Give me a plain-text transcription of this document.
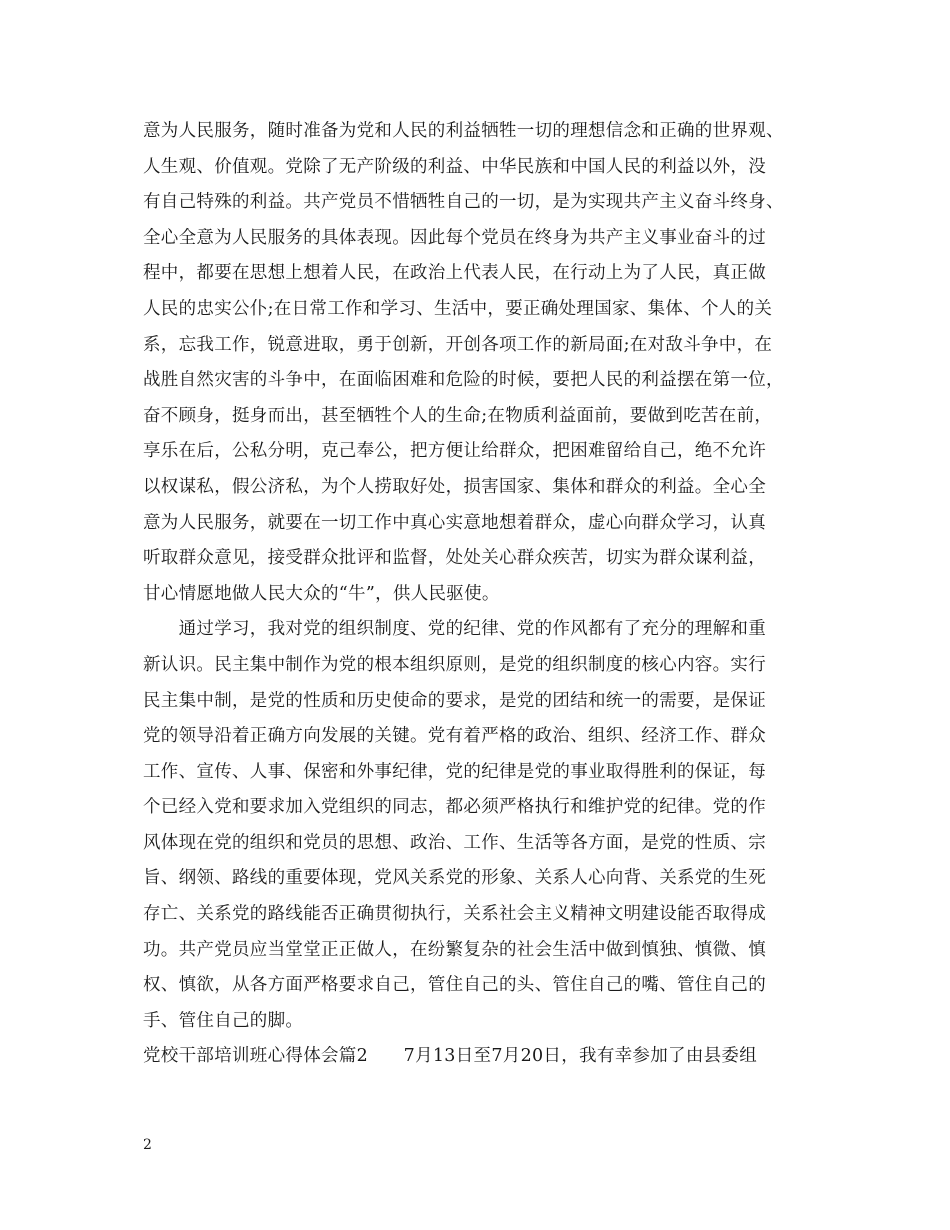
意为人民服务，随时准备为党和人民的利益牺牲一切的理想信念和正确的世界观、
人生观、价值观。党除了无产阶级的利益、中华民族和中国人民的利益以外，没
有自己特殊的利益。共产党员不惜牺牲自己的一切，是为实现共产主义奋斗终身、
全心全意为人民服务的具体表现。因此每个党员在终身为共产主义事业奋斗的过
程中，都要在思想上想着人民，在政治上代表人民，在行动上为了人民，真正做
人民的忠实公仆;在日常工作和学习、生活中，要正确处理国家、集体、个人的关
系，忘我工作，锐意进取，勇于创新，开创各项工作的新局面;在对敌斗争中，在
战胜自然灾害的斗争中，在面临困难和危险的时候，要把人民的利益摆在第一位，
奋不顾身，挺身而出，甚至牺牲个人的生命;在物质利益面前，要做到吃苦在前，
享乐在后，公私分明，克己奉公，把方便让给群众，把困难留给自己，绝不允许
以权谋私，假公济私，为个人捞取好处，损害国家、集体和群众的利益。全心全
意为人民服务，就要在一切工作中真心实意地想着群众，虚心向群众学习，认真
听取群众意见，接受群众批评和监督，处处关心群众疾苦，切实为群众谋利益，
甘心情愿地做人民大众的“牛”，供人民驱使。
　　通过学习，我对党的组织制度、党的纪律、党的作风都有了充分的理解和重
新认识。民主集中制作为党的根本组织原则，是党的组织制度的核心内容。实行
民主集中制，是党的性质和历史使命的要求，是党的团结和统一的需要，是保证
党的领导沿着正确方向发展的关键。党有着严格的政治、组织、经济工作、群众
工作、宣传、人事、保密和外事纪律，党的纪律是党的事业取得胜利的保证，每
个已经入党和要求加入党组织的同志，都必须严格执行和维护党的纪律。党的作
风体现在党的组织和党员的思想、政治、工作、生活等各方面，是党的性质、宗
旨、纲领、路线的重要体现，党风关系党的形象、关系人心向背、关系党的生死
存亡、关系党的路线能否正确贯彻执行，关系社会主义精神文明建设能否取得成
功。共产党员应当堂堂正正做人，在纷繁复杂的社会生活中做到慎独、慎微、慎
权、慎欲，从各方面严格要求自己，管住自己的头、管住自己的嘴、管住自己的
手、管住自己的脚。
党校干部培训班心得体会篇2　　7月13日至7月20日，我有幸参加了由县委组
2
